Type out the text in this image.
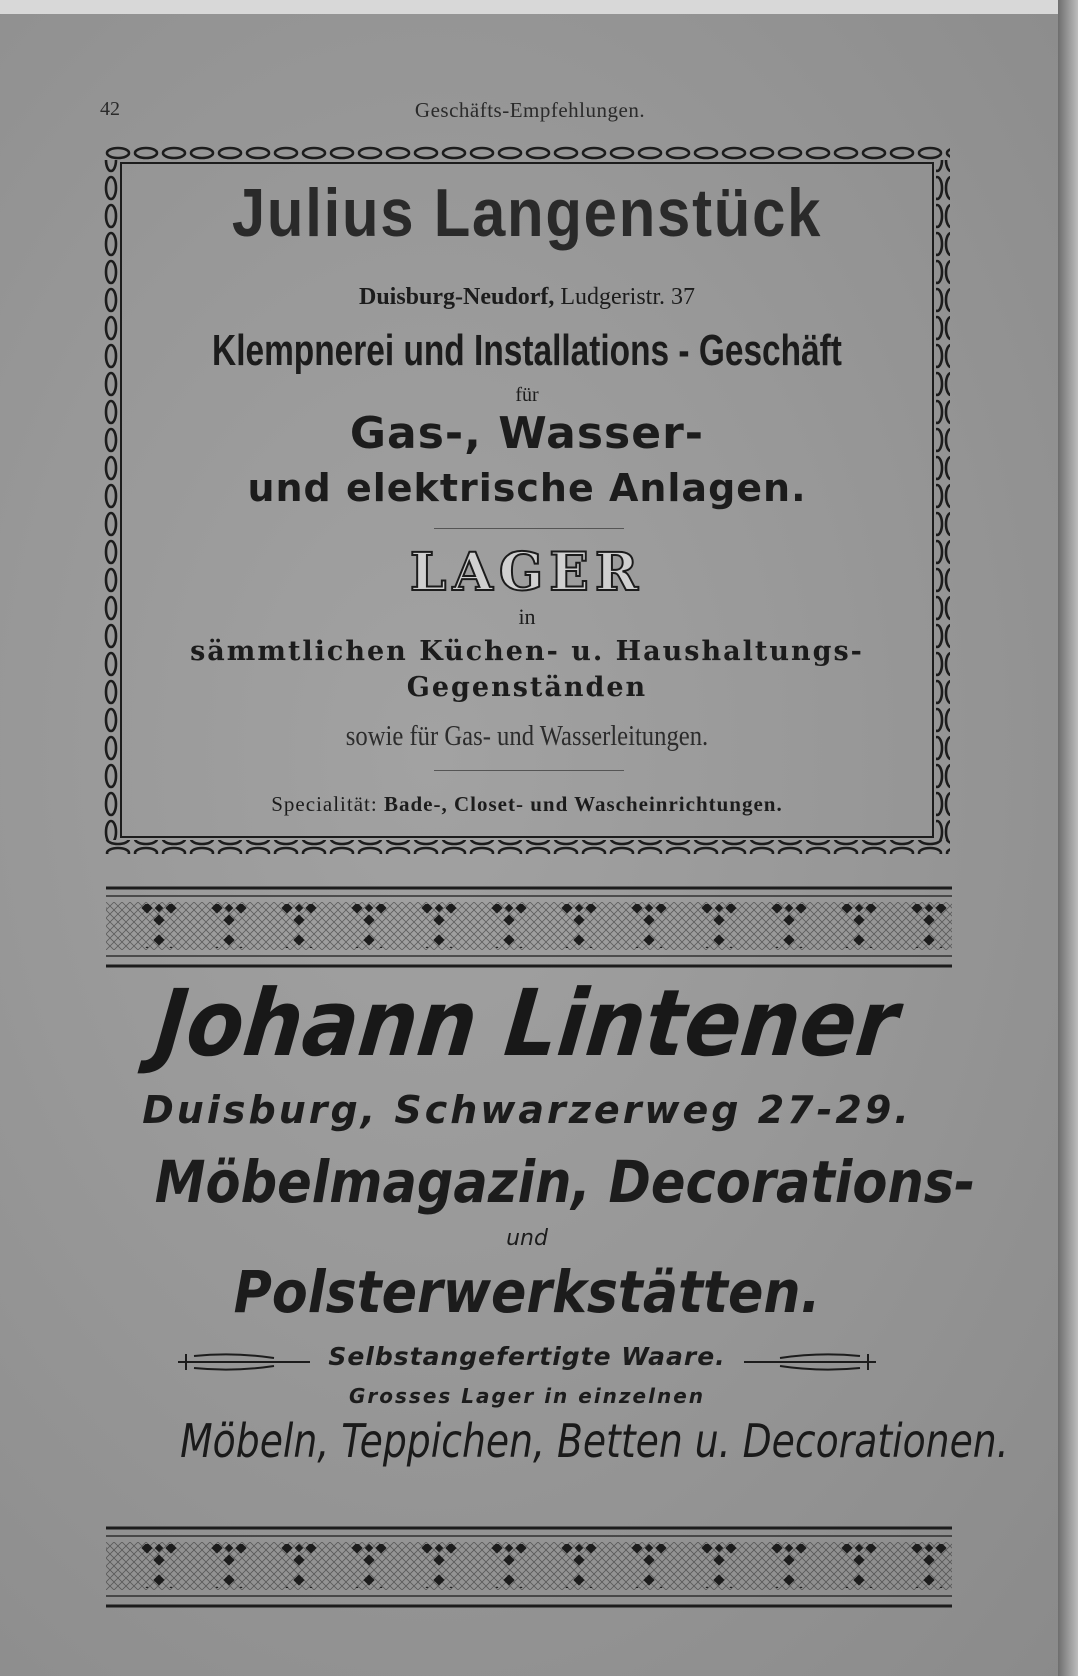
42	Geschäfts-Empfehlungen.
Julius Langenstück
Duisburg-Neudorf, Ludgeristr. 37
Klempnerei und Installations - Geschäft
für
Gas-, Wasser-
und elektrische Anlagen.
LAGER
in
sämmtlichen Küchen- u. Haushaltungs-
Gegenständen
sowie für Gas- und Wasserleitungen.
Specialität: Bade-, Closet- und Wascheinrichtungen.
Johann Lintener
Duisburg, Schwarzerweg 27-29.
Möbelmagazin, Decorations-
und
Polsterwerkstätten.
Selbstangefertigte Waare.
Grosses Lager in einzelnen
Möbeln, Teppichen, Betten u. Decorationen.
